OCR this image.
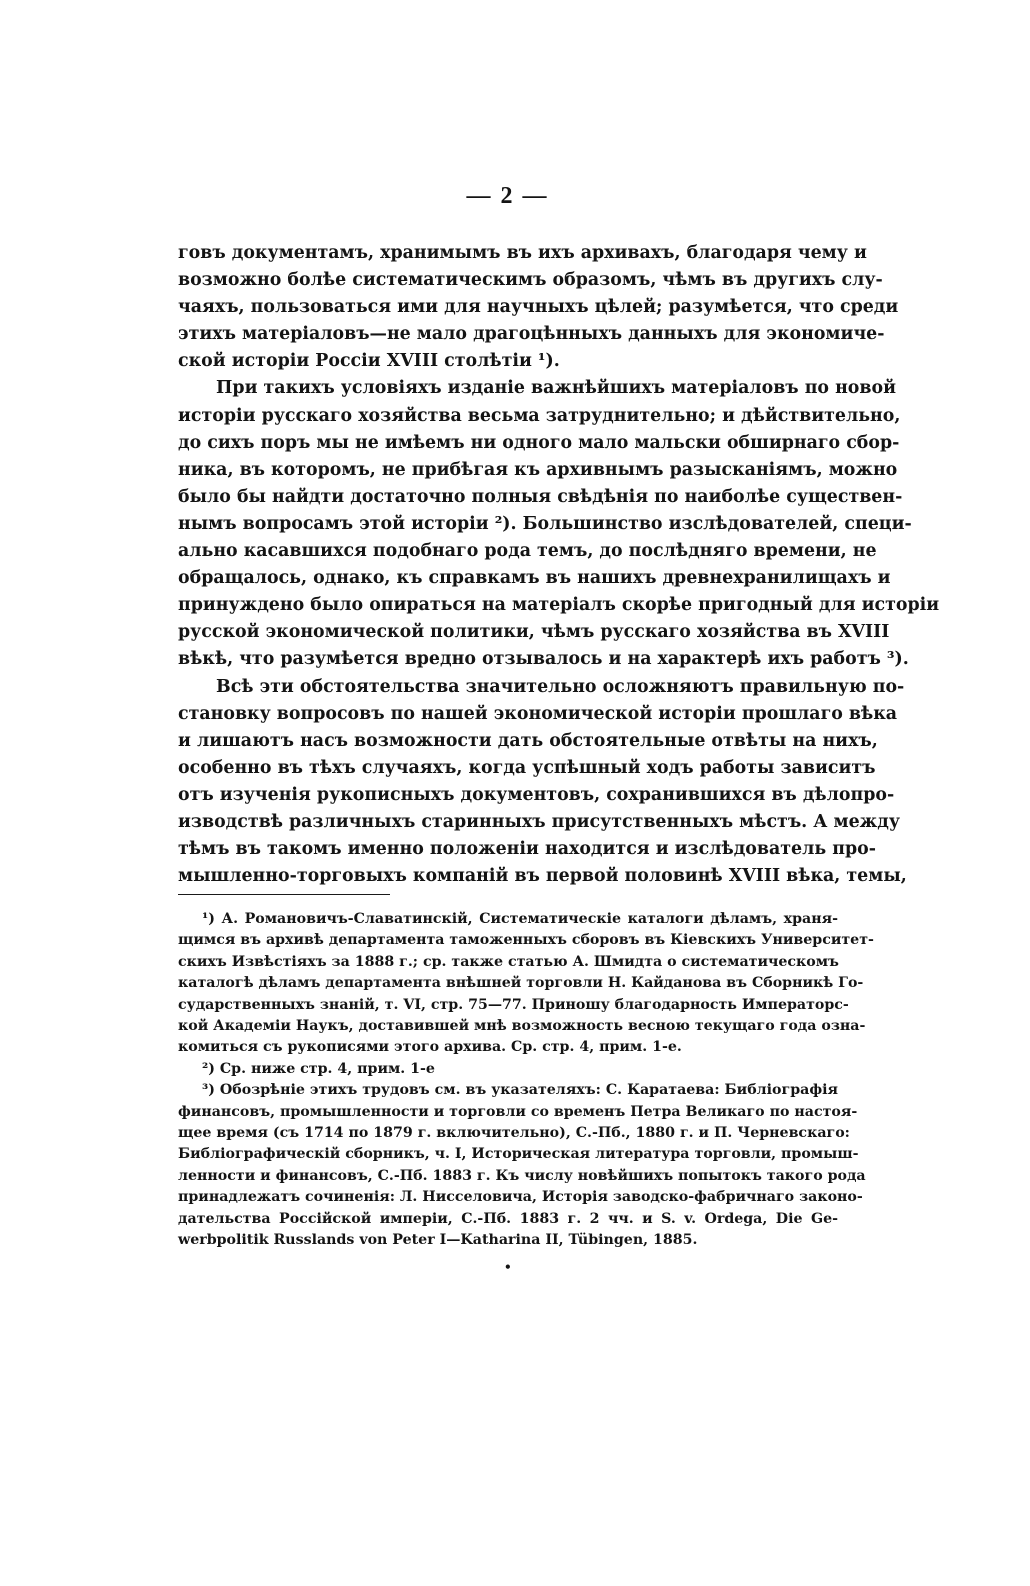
— 2 —
говъ документамъ, хранимымъ въ ихъ архивахъ, благодаря чему и
возможно болѣе систематическимъ образомъ, чѣмъ въ другихъ слу-
чаяхъ, пользоваться ими для научныхъ цѣлей; разумѣется, что среди
этихъ матеріаловъ—не мало драгоцѣнныхъ данныхъ для экономиче-
ской исторіи Россіи XVIII столѣтіи ¹).
При такихъ условіяхъ изданіе важнѣйшихъ матеріаловъ по новой
исторіи русскаго хозяйства весьма затруднительно; и дѣйствительно,
до сихъ поръ мы не имѣемъ ни одного мало мальски обширнаго сбор-
ника, въ которомъ, не прибѣгая къ архивнымъ разысканіямъ, можно
было бы найдти достаточно полныя свѣдѣнія по наиболѣе существен-
нымъ вопросамъ этой исторіи ²). Большинство изслѣдователей, специ-
ально касавшихся подобнаго рода темъ, до послѣдняго времени, не
обращалось, однако, къ справкамъ въ нашихъ древнехранилищахъ и
принуждено было опираться на матеріалъ скорѣе пригодный для исторіи
русской экономической политики, чѣмъ русскаго хозяйства въ XVIII
вѣкѣ, что разумѣется вредно отзывалось и на характерѣ ихъ работъ ³).
Всѣ эти обстоятельства значительно осложняютъ правильную по-
становку вопросовъ по нашей экономической исторіи прошлаго вѣка
и лишаютъ насъ возможности дать обстоятельные отвѣты на нихъ,
особенно въ тѣхъ случаяхъ, когда успѣшный ходъ работы зависитъ
отъ изученія рукописныхъ документовъ, сохранившихся въ дѣлопро-
изводствѣ различныхъ старинныхъ присутственныхъ мѣстъ. А между
тѣмъ въ такомъ именно положеніи находится и изслѣдователь про-
мышленно-торговыхъ компаній въ первой половинѣ XVIII вѣка, темы,
¹) А. Романовичъ-Славатинскій, Систематическіе каталоги дѣламъ, храня-
щимся въ архивѣ департамента таможенныхъ сборовъ въ Кіевскихъ Университет-
скихъ Извѣстіяхъ за 1888 г.; ср. также статью А. Шмидта о систематическомъ
каталогѣ дѣламъ департамента внѣшней торговли Н. Кайданова въ Сборникѣ Го-
сударственныхъ знаній, т. VI, стр. 75—77. Приношу благодарность Императорс-
кой Академіи Наукъ, доставившей мнѣ возможность весною текущаго года озна-
комиться съ рукописями этого архива. Ср. стр. 4, прим. 1-е.
²) Ср. ниже стр. 4, прим. 1-е
³) Обозрѣніе этихъ трудовъ см. въ указателяхъ: С. Каратаева: Библіографія
финансовъ, промышленности и торговли со временъ Петра Великаго по настоя-
щее время (съ 1714 по 1879 г. включительно), С.-Пб., 1880 г. и П. Черневскаго:
Библіографическій сборникъ, ч. I, Историческая литература торговли, промыш-
ленности и финансовъ, С.-Пб. 1883 г. Къ числу новѣйшихъ попытокъ такого рода
принадлежатъ сочиненія: Л. Нисселовича, Исторія заводско-фабричнаго законо-
дательства Россійской имперіи, С.-Пб. 1883 г. 2 чч. и S. v. Ordega, Die Ge-
werbpolitik Russlands von Peter I—Katharina II, Tübingen, 1885.
•
